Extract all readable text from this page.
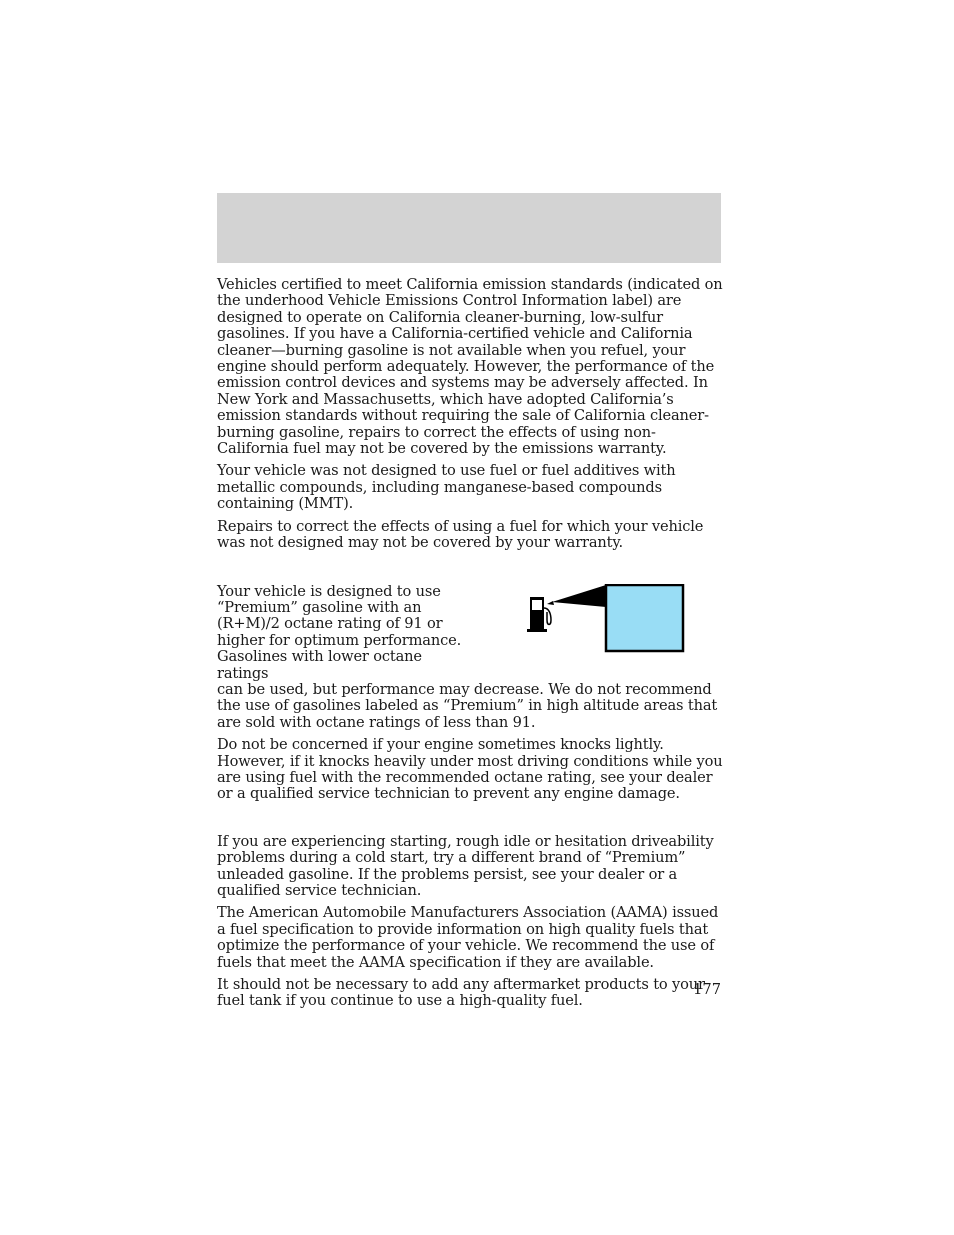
Vehicles certified to meet California emission standards (indicated on the underhood Vehicle Emissions Control Information label) are designed to operate on California cleaner-burning, low-sulfur gasolines. If you have a California-certified vehicle and California cleaner—burning gasoline is not available when you refuel, your engine should perform adequately. However, the performance of the emission control devices and systems may be adversely affected. In New York and Massachusetts, which have adopted California’s emission standards without requiring the sale of California cleaner-burning gasoline, repairs to correct the effects of using non-California fuel may not be covered by the emissions warranty.

Your vehicle was not designed to use fuel or fuel additives with metallic compounds, including manganese-based compounds containing (MMT).

Repairs to correct the effects of using a fuel for which your vehicle was not designed may not be covered by your warranty.

Your vehicle is designed to use
“Premium” gasoline with an
(R+M)/2 octane rating of 91 or
higher for optimum performance.
Gasolines with lower octane ratings
can be used, but performance may decrease. We do not recommend the use of gasolines labeled as “Premium” in high altitude areas that are sold with octane ratings of less than 91.

Do not be concerned if your engine sometimes knocks lightly. However, if it knocks heavily under most driving conditions while you are using fuel with the recommended octane rating, see your dealer or a qualified service technician to prevent any engine damage.

If you are experiencing starting, rough idle or hesitation driveability problems during a cold start, try a different brand of “Premium” unleaded gasoline. If the problems persist, see your dealer or a qualified service technician.

The American Automobile Manufacturers Association (AAMA) issued a fuel specification to provide information on high quality fuels that optimize the performance of your vehicle. We recommend the use of fuels that meet the AAMA specification if they are available.

It should not be necessary to add any aftermarket products to your fuel tank if you continue to use a high-quality fuel.

177
